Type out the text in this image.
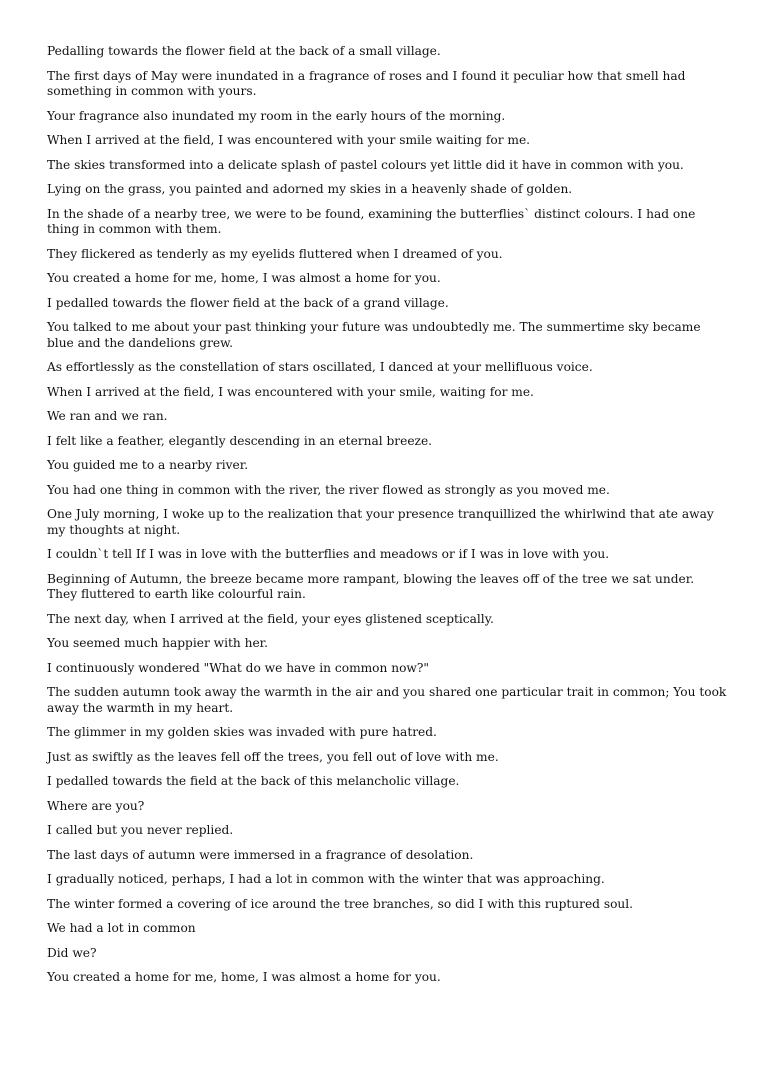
Pedalling towards the flower field at the back of a small village.

The first days of May were inundated in a fragrance of roses and I found it peculiar how that smell had something in common with yours.

Your fragrance also inundated my room in the early hours of the morning.

When I arrived at the field, I was encountered with your smile waiting for me.

The skies transformed into a delicate splash of pastel colours yet little did it have in common with you.

Lying on the grass, you painted and adorned my skies in a heavenly shade of golden.

In the shade of a nearby tree, we were to be found, examining the butterflies` distinct colours. I had one thing in common with them.

They flickered as tenderly as my eyelids fluttered when I dreamed of you.

You created a home for me, home, I was almost a home for you.

I pedalled towards the flower field at the back of a grand village.

You talked to me about your past thinking your future was undoubtedly me. The summertime sky became blue and the dandelions grew.

As effortlessly as the constellation of stars oscillated, I danced at your mellifluous voice.

When I arrived at the field, I was encountered with your smile, waiting for me.

We ran and we ran.

I felt like a feather, elegantly descending in an eternal breeze.

You guided me to a nearby river.

You had one thing in common with the river, the river flowed as strongly as you moved me.

One July morning, I woke up to the realization that your presence tranquillized the whirlwind that ate away my thoughts at night.

I couldn`t tell If I was in love with the butterflies and meadows or if I was in love with you.

Beginning of Autumn, the breeze became more rampant, blowing the leaves off of the tree we sat under. They fluttered to earth like colourful rain.

The next day, when I arrived at the field, your eyes glistened sceptically.

You seemed much happier with her.

I continuously wondered "What do we have in common now?"

The sudden autumn took away the warmth in the air and you shared one particular trait in common; You took away the warmth in my heart.

The glimmer in my golden skies was invaded with pure hatred.

Just as swiftly as the leaves fell off the trees, you fell out of love with me.

I pedalled towards the field at the back of this melancholic village.

Where are you?

I called but you never replied.

The last days of autumn were immersed in a fragrance of desolation.

I gradually noticed, perhaps, I had a lot in common with the winter that was approaching.

The winter formed a covering of ice around the tree branches, so did I with this ruptured soul.

We had a lot in common

Did we?

You created a home for me, home, I was almost a home for you.
